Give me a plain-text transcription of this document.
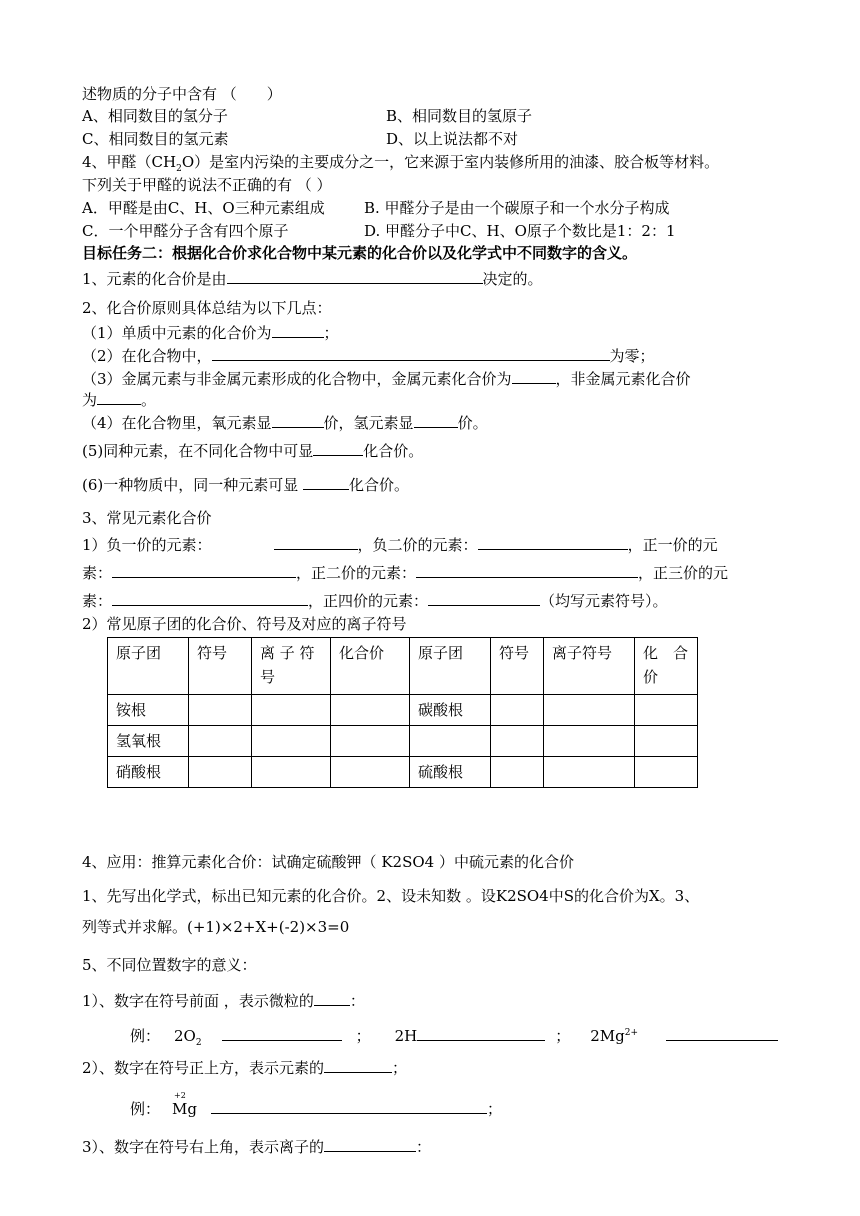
述物质的分子中含有 （　　）
A、相同数目的氢分子	B、相同数目的氢原子
C、相同数目的氢元素	D、以上说法都不对
4、甲醛$(CH_2O)$是室内污染的主要成分之一，它来源于室内装修所用的油漆、胶合板等材料。
下列关于甲醛的说法不正确的有 （ ）
A．甲醛是由C、H、O三种元素组成	B. 甲醛分子是由一个碳原子和一个水分子构成
C．一个甲醛分子含有四个原子	D. 甲醛分子中C、H、O原子个数比是1：2：1
目标任务二：根据化合价求化合物中某元素的化合价以及化学式中不同数字的含义。
1、元素的化合价是由	决定的。
2、化合价原则具体总结为以下几点：
（1）单质中元素的化合价为	；
（2）在化合物中，	为零；
（3）金属元素与非金属元素形成的化合物中，金属元素化合价为	，非金属元素化合价
为	。
（4）在化合物里，氧元素显	价，氢元素显	价。
(5)同种元素，在不同化合物中可显	化合价。
(6)一种物质中，同一种元素可显	化合价。
3、常见元素化合价
1）负一价的元素：	，负二价的元素：	，正一价的元
素：	，正二价的元素：	，正三价的元
素：	，正四价的元素：	（均写元素符号）。
2）常见原子团的化合价、符号及对应的离子符号
原子团	符号	离 子 符 号	化合价	原子团	符号	离子符号	化　合 价
铵根				碳酸根			
氢氧根							
硝酸根				硫酸根			
4、应用：推算元素化合价：试确定硫酸钾（ K2SO4 ）中硫元素的化合价
1、先写出化学式，标出已知元素的化合价。2、设未知数 。设K2SO4中S的化合价为X。3、
列等式并求解。(+1)×2+X+(-2)×3=0
5、不同位置数字的意义：
1）、数字在符号前面 ，表示微粒的 ：
例： $2O_2$	； 2H	； $2Mg^{2+}$
2）、数字在符号正上方，表示元素的	；
例：
+2
Mg	；
3）、数字在符号右上角，表示离子的	：
